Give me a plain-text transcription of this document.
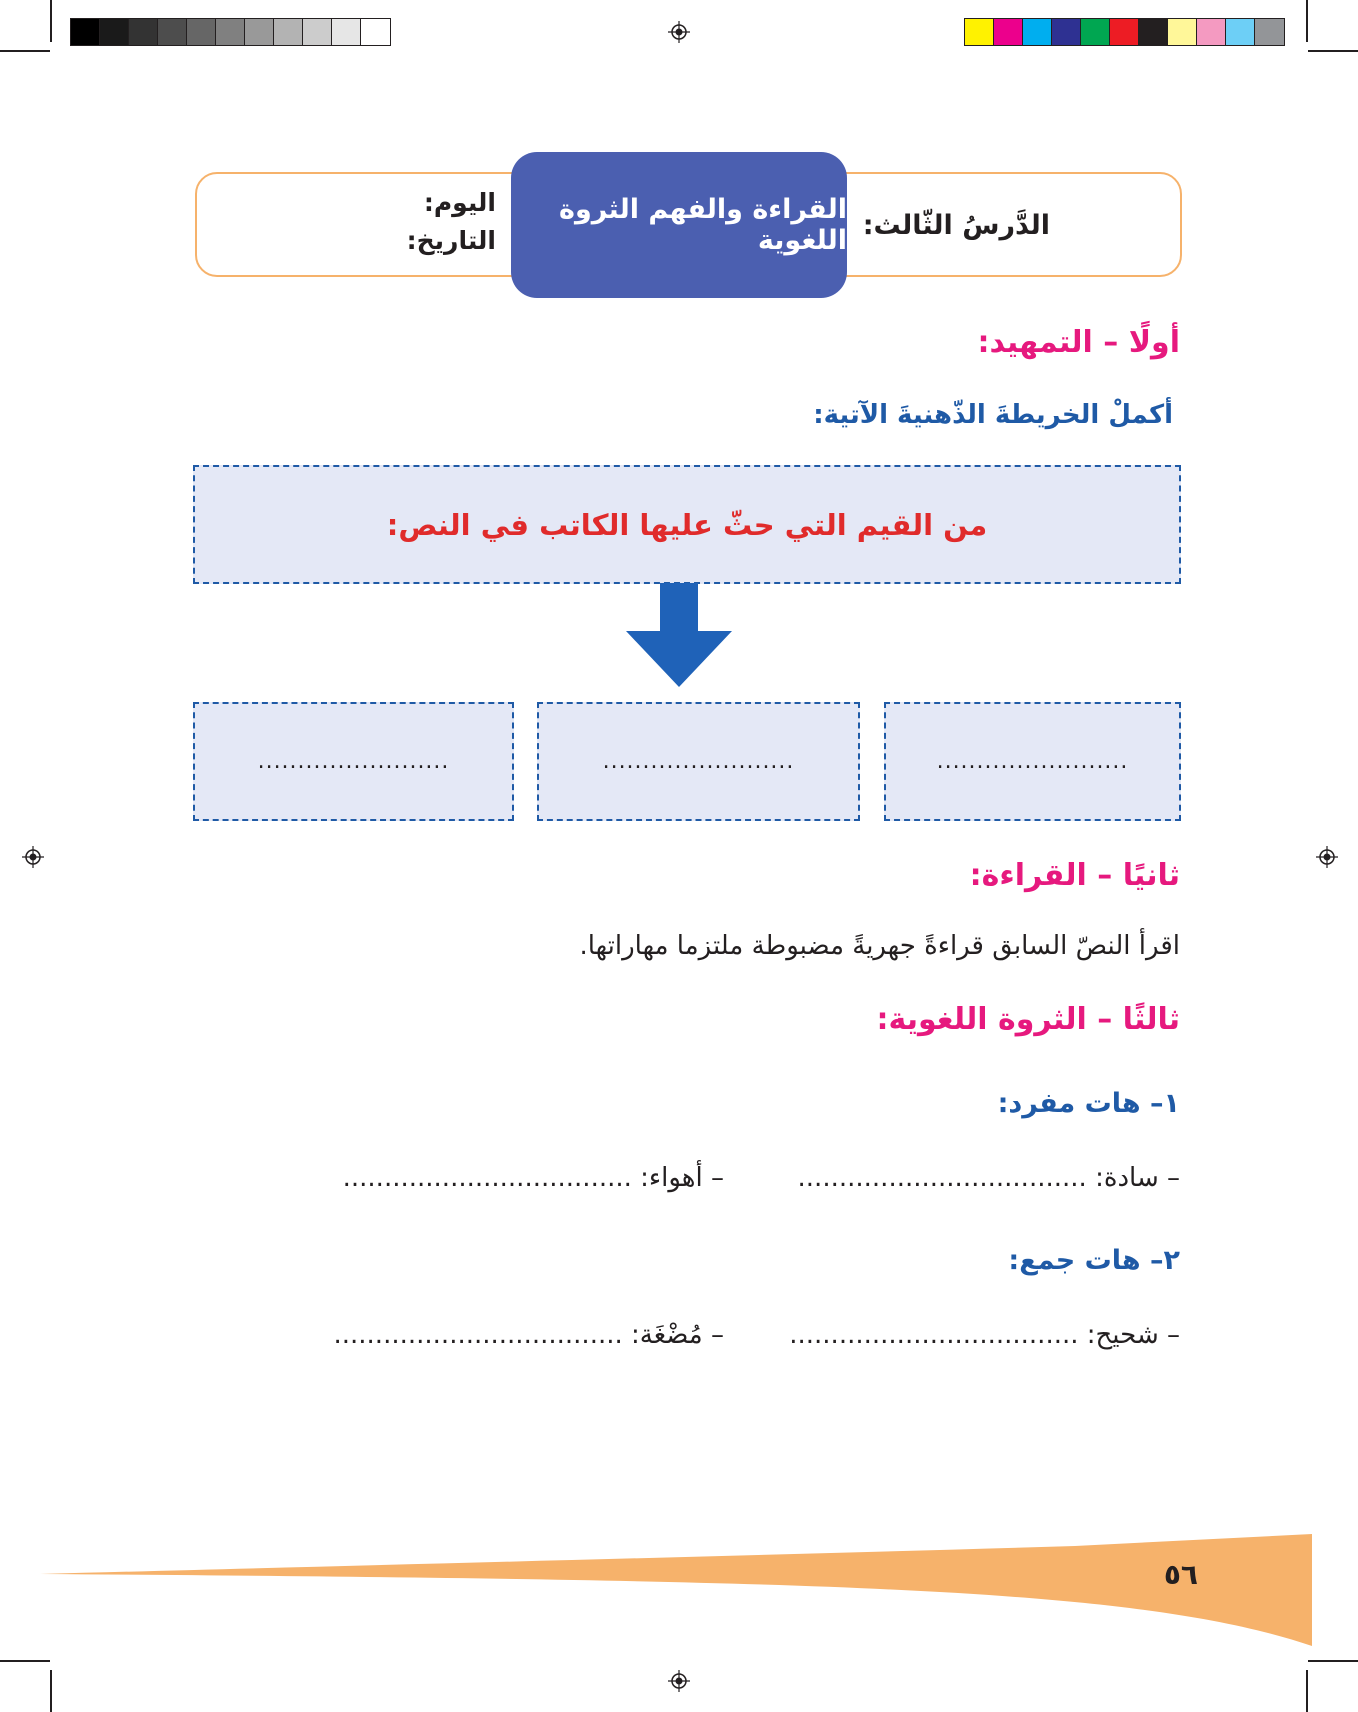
الدَّرسُ الثّالث:
اليوم:
التاريخ:
القراءة والفهم الثروة اللغوية
أولًا – التمهيد:
أكملْ الخريطةَ الذّهنيةَ الآتية:
من القيم التي حثّ عليها الكاتب في النص:
........................
........................
........................
ثانيًا – القراءة:
اقرأ النصّ السابق قراءةً جهريةً مضبوطة ملتزما مهاراتها.
ثالثًا – الثروة اللغوية:
١– هات مفرد:
– سادة: ...................................
– أهواء: ...................................
٢– هات جمع:
– شحيح: ...................................
– مُضْغَة: ...................................
٥٦
